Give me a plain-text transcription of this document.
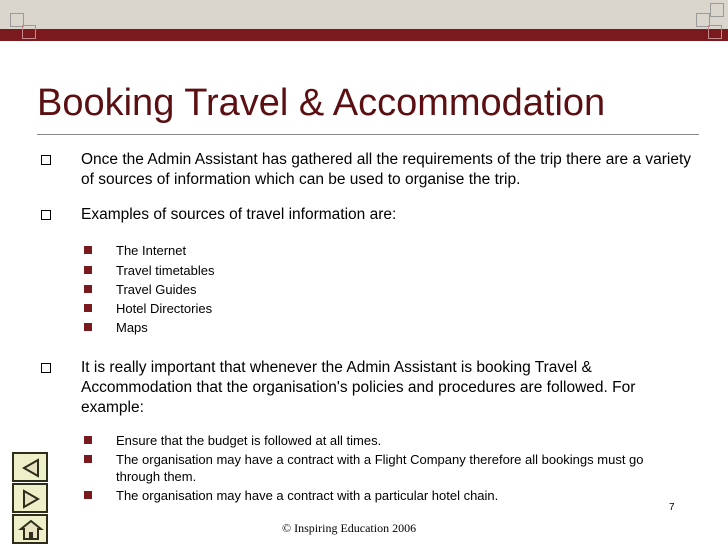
Booking Travel & Accommodation
Once the Admin Assistant has gathered all the requirements of the trip there are a variety of sources of information which can be used to organise the trip.
Examples of sources of travel information are:
The Internet
Travel timetables
Travel Guides
Hotel Directories
Maps
It is really important that whenever the Admin Assistant is booking Travel & Accommodation that the organisation's policies and procedures are followed. For example:
Ensure that the budget is followed at all times.
The organisation may have a contract with a Flight Company therefore all bookings must go through them.
The organisation may have a contract with a particular hotel chain.
7
© Inspiring Education 2006
